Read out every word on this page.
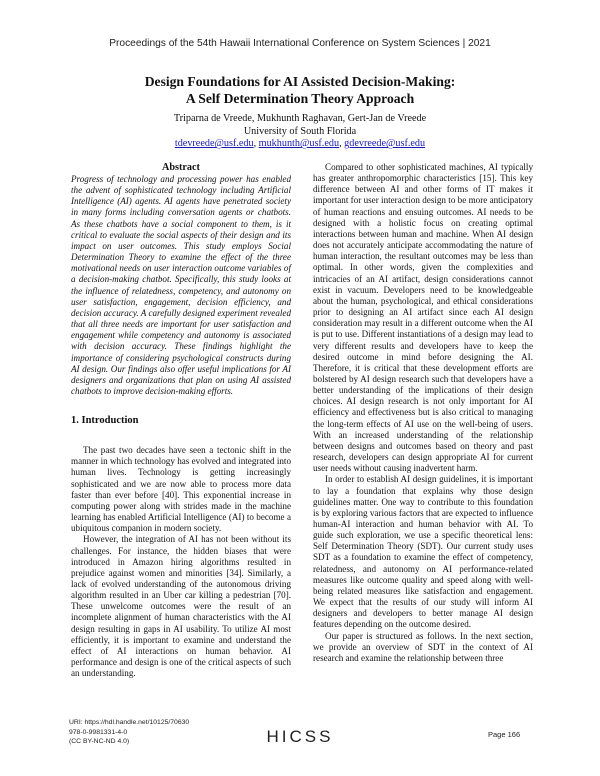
Proceedings of the 54th Hawaii International Conference on System Sciences | 2021
Design Foundations for AI Assisted Decision-Making:
A Self Determination Theory Approach
Triparna de Vreede, Mukhunth Raghavan, Gert-Jan de Vreede
University of South Florida
tdevreede@usf.edu, mukhunth@usf.edu, gdevreede@usf.edu
Abstract

Progress of technology and processing power has enabled the advent of sophisticated technology including Artificial Intelligence (AI) agents. AI agents have penetrated society in many forms including conversation agents or chatbots. As these chatbots have a social component to them, is it critical to evaluate the social aspects of their design and its impact on user outcomes. This study employs Social Determination Theory to examine the effect of the three motivational needs on user interaction outcome variables of a decision-making chatbot. Specifically, this study looks at the influence of relatedness, competency, and autonomy on user satisfaction, engagement, decision efficiency, and decision accuracy. A carefully designed experiment revealed that all three needs are important for user satisfaction and engagement while competency and autonomy is associated with decision accuracy. These findings highlight the importance of considering psychological constructs during AI design. Our findings also offer useful implications for AI designers and organizations that plan on using AI assisted chatbots to improve decision-making efforts.

1. Introduction

The past two decades have seen a tectonic shift in the manner in which technology has evolved and integrated into human lives. Technology is getting increasingly sophisticated and we are now able to process more data faster than ever before [40]. This exponential increase in computing power along with strides made in the machine learning has enabled Artificial Intelligence (AI) to become a ubiquitous companion in modern society.

However, the integration of AI has not been without its challenges. For instance, the hidden biases that were introduced in Amazon hiring algorithms resulted in prejudice against women and minorities [34]. Similarly, a lack of evolved understanding of the autonomous driving algorithm resulted in an Uber car killing a pedestrian [70]. These unwelcome outcomes were the result of an incomplete alignment of human characteristics with the AI design resulting in gaps in AI usability. To utilize AI most efficiently, it is important to examine and understand the effect of AI interactions on human behavior. AI performance and design is one of the critical aspects of such an understanding.

Compared to other sophisticated machines, AI typically has greater anthropomorphic characteristics [15]. This key difference between AI and other forms of IT makes it important for user interaction design to be more anticipatory of human reactions and ensuing outcomes. AI needs to be designed with a holistic focus on creating optimal interactions between human and machine. When AI design does not accurately anticipate accommodating the nature of human interaction, the resultant outcomes may be less than optimal. In other words, given the complexities and intricacies of an AI artifact, design considerations cannot exist in vacuum. Developers need to be knowledgeable about the human, psychological, and ethical considerations prior to designing an AI artifact since each AI design consideration may result in a different outcome when the AI is put to use. Different instantiations of a design may lead to very different results and developers have to keep the desired outcome in mind before designing the AI. Therefore, it is critical that these development efforts are bolstered by AI design research such that developers have a better understanding of the implications of their design choices. AI design research is not only important for AI efficiency and effectiveness but is also critical to managing the long-term effects of AI use on the well-being of users. With an increased understanding of the relationship between designs and outcomes based on theory and past research, developers can design appropriate AI for current user needs without causing inadvertent harm.

In order to establish AI design guidelines, it is important to lay a foundation that explains why those design guidelines matter. One way to contribute to this foundation is by exploring various factors that are expected to influence human-AI interaction and human behavior with AI. To guide such exploration, we use a specific theoretical lens: Self Determination Theory (SDT). Our current study uses SDT as a foundation to examine the effect of competency, relatedness, and autonomy on AI performance-related measures like outcome quality and speed along with well-being related measures like satisfaction and engagement. We expect that the results of our study will inform AI designers and developers to better manage AI design features depending on the outcome desired.

Our paper is structured as follows. In the next section, we provide an overview of SDT in the context of AI research and examine the relationship between three

URI: https://hdl.handle.net/10125/70630
978-0-9981331-4-0
(CC BY-NC-ND 4.0)	HICSS	Page 166
